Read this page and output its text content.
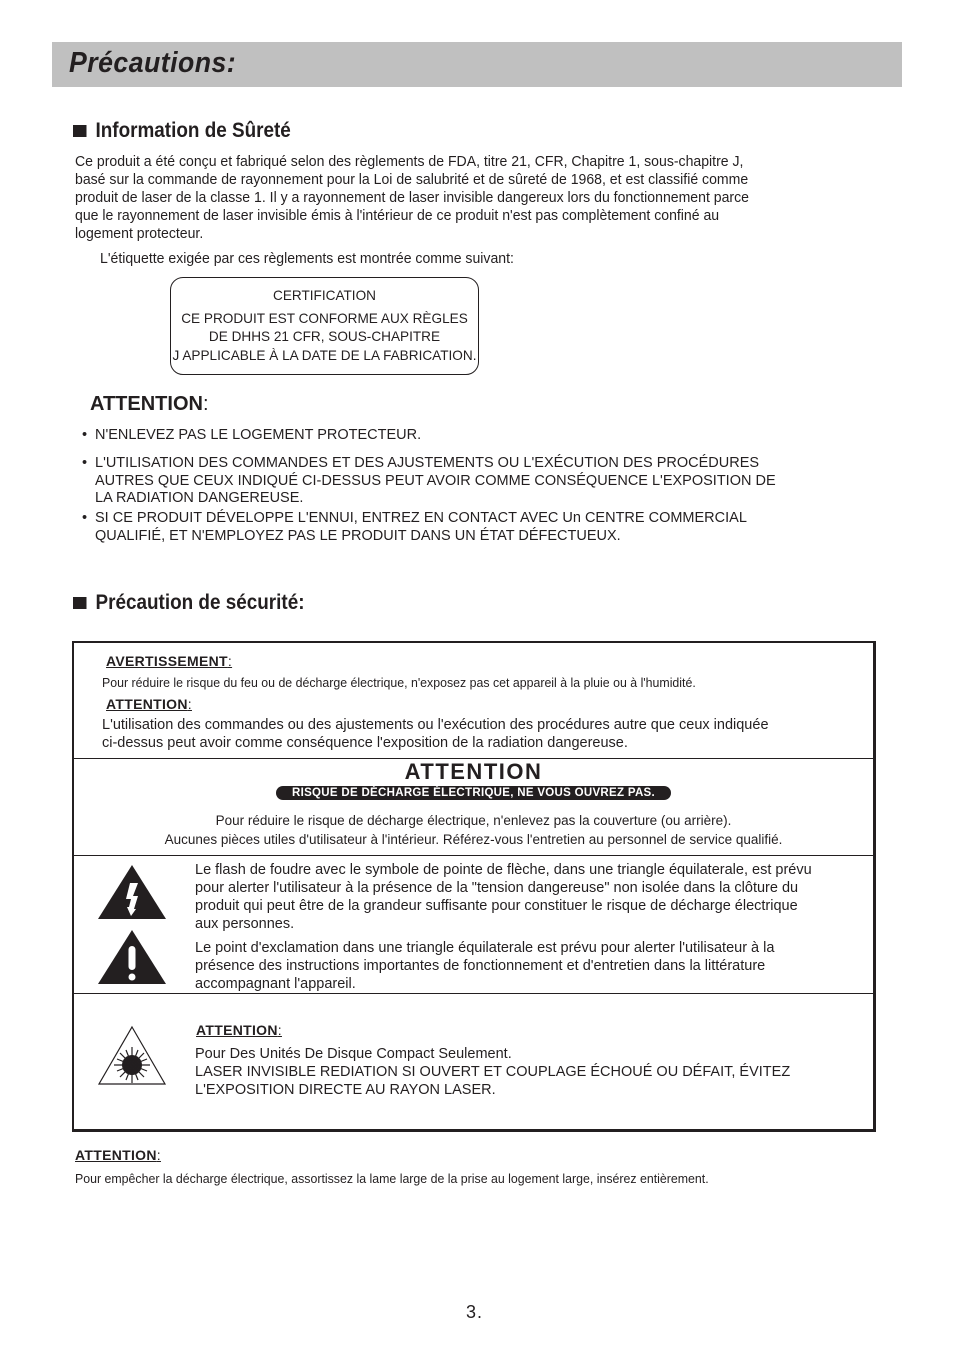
Précautions:
Information de Sûreté
Ce produit a été conçu et fabriqué selon des règlements de FDA, titre 21, CFR, Chapitre 1, sous-chapitre J,
basé sur la commande de rayonnement pour la Loi de salubrité et de sûreté de 1968, et est classifié comme
produit de laser de la classe 1. Il y a rayonnement de laser invisible dangereux lors du fonctionnement parce
que le rayonnement de laser invisible émis à l'intérieur de ce produit n'est pas complètement confiné au
logement protecteur.
L'étiquette exigée par ces règlements est montrée comme suivant:
CERTIFICATION
CE PRODUIT EST CONFORME AUX RÈGLES
DE DHHS 21 CFR, SOUS-CHAPITRE
J APPLICABLE À LA DATE DE LA FABRICATION.
ATTENTION:
• N'ENLEVEZ PAS LE LOGEMENT PROTECTEUR.
• L'UTILISATION DES COMMANDES ET DES AJUSTEMENTS OU L'EXÉCUTION DES PROCÉDURES
AUTRES QUE CEUX INDIQUÉ CI-DESSUS PEUT AVOIR COMME CONSÉQUENCE L'EXPOSITION DE
LA RADIATION DANGEREUSE.
• SI CE PRODUIT DÉVELOPPE L'ENNUI, ENTREZ EN CONTACT AVEC Un CENTRE COMMERCIAL
QUALIFIÉ, ET N'EMPLOYEZ PAS LE PRODUIT DANS UN ÉTAT DÉFECTUEUX.
Précaution de sécurité:
AVERTISSEMENT:
Pour réduire le risque du feu ou de décharge électrique, n'exposez pas cet appareil à la pluie ou à l'humidité.
ATTENTION:
L'utilisation des commandes ou des ajustements ou l'exécution des procédures autre que ceux indiquée
ci-dessus peut avoir comme conséquence l'exposition de la radiation dangereuse.
ATTENTION
RISQUE DE DÉCHARGE ÉLECTRIQUE, NE VOUS OUVREZ PAS.
Pour réduire le risque de décharge électrique, n'enlevez pas la couverture (ou arrière).
Aucunes pièces utiles d'utilisateur à l'intérieur. Référez-vous l'entretien au personnel de service qualifié.
Le flash de foudre avec le symbole de pointe de flèche, dans une triangle équilaterale, est prévu
pour alerter l'utilisateur à la présence de la "tension dangereuse" non isolée dans la clôture du
produit qui peut être de la grandeur suffisante pour constituer le risque de décharge électrique
aux personnes.
Le point d'exclamation dans une triangle équilaterale est prévu pour alerter l'utilisateur à la
présence des instructions importantes de fonctionnement et d'entretien dans la littérature
accompagnant l'appareil.
ATTENTION:
Pour Des Unités De Disque Compact Seulement.
LASER INVISIBLE REDIATION SI OUVERT ET COUPLAGE ÉCHOUÉ OU DÉFAIT, ÉVITEZ
L'EXPOSITION DIRECTE AU RAYON LASER.
ATTENTION:
Pour empêcher la décharge électrique, assortissez la lame large de la prise au logement large, insérez entièrement.
3.
